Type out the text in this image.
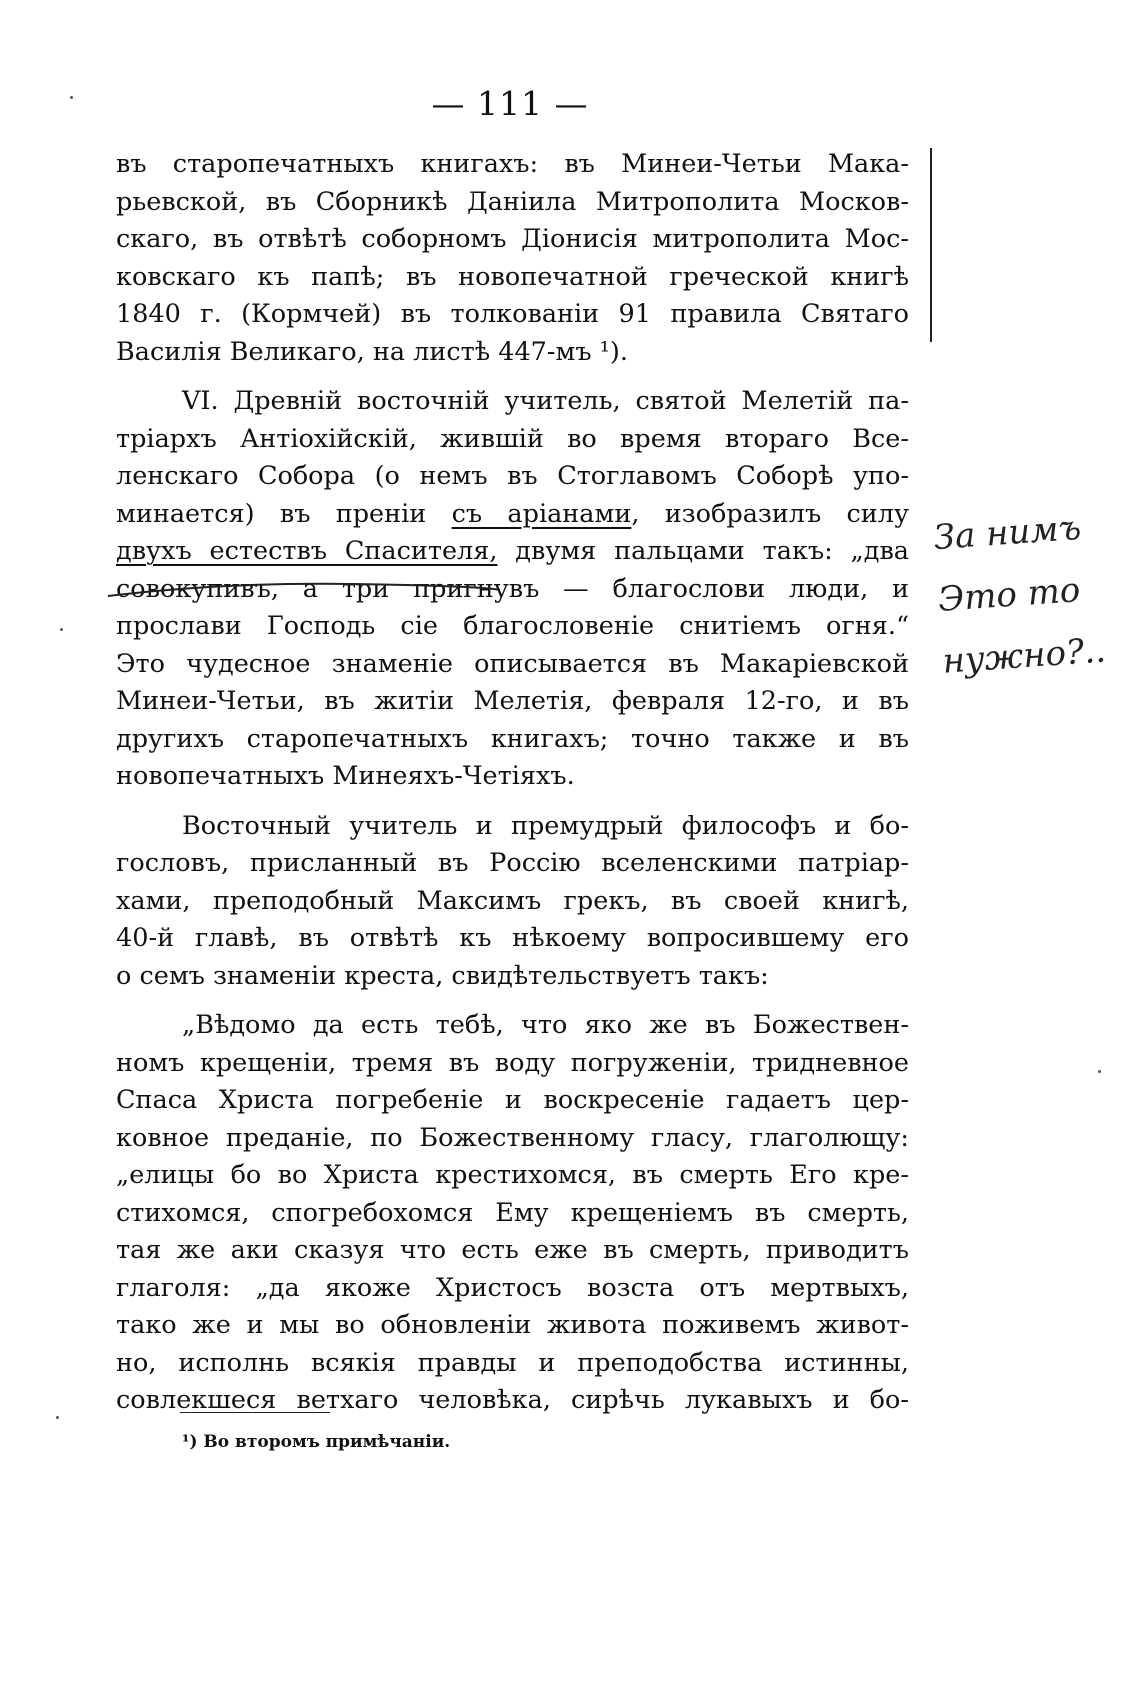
— 111 —
въ старопечатныхъ книгахъ: въ Минеи-Четьи Мака-
рьевской, въ Сборникѣ Даніила Митрополита Москов-
скаго, въ отвѣтѣ соборномъ Діонисія митрополита Мос-
ковскаго къ папѣ; въ новопечатной греческой книгѣ
1840 г. (Кормчей) въ толкованіи 91 правила Святаго
Василія Великаго, на листѣ 447-мъ ¹).
VI. Древній восточній учитель, святой Мелетій па-
тріархъ Антіохійскій, жившій во время втораго Все-
ленскаго Собора (о немъ въ Стоглавомъ Соборѣ упо-
минается) въ преніи съ аріанами, изобразилъ силу
двухъ естествъ Спасителя, двумя пальцами такъ: „два
совокупивъ, а три пригнувъ — благослови люди, и
прослави Господь сіе благословеніе снитіемъ огня.“
Это чудесное знаменіе описывается въ Макаріевской
Минеи-Четьи, въ житіи Мелетія, февраля 12-го, и въ
другихъ старопечатныхъ книгахъ; точно также и въ
новопечатныхъ Минеяхъ-Четіяхъ.
Восточный учитель и премудрый философъ и бо-
гословъ, присланный въ Россію вселенскими патріар-
хами, преподобный Максимъ грекъ, въ своей книгѣ,
40-й главѣ, въ отвѣтѣ къ нѣкоему вопросившему его
о семъ знаменіи креста, свидѣтельствуетъ такъ:
„Вѣдомо да есть тебѣ, что яко же въ Божествен-
номъ крещеніи, тремя въ воду погруженіи, тридневное
Спаса Христа погребеніе и воскресеніе гадаетъ цер-
ковное преданіе, по Божественному гласу, глаголющу:
„елицы бо во Христа крестихомся, въ смерть Его кре-
стихомся, спогребохомся Ему крещеніемъ въ смерть,
тая же аки сказуя что есть еже въ смерть, приводитъ
глаголя: „да якоже Христосъ возста отъ мертвыхъ,
тако же и мы во обновленіи живота поживемъ живот-
но, исполнь всякія правды и преподобства истинны,
совлекшеся ветхаго человѣка, сирѣчь лукавыхъ и бо-
За нимъ
Это то
нужно?..
¹) Во второмъ примѣчаніи.
